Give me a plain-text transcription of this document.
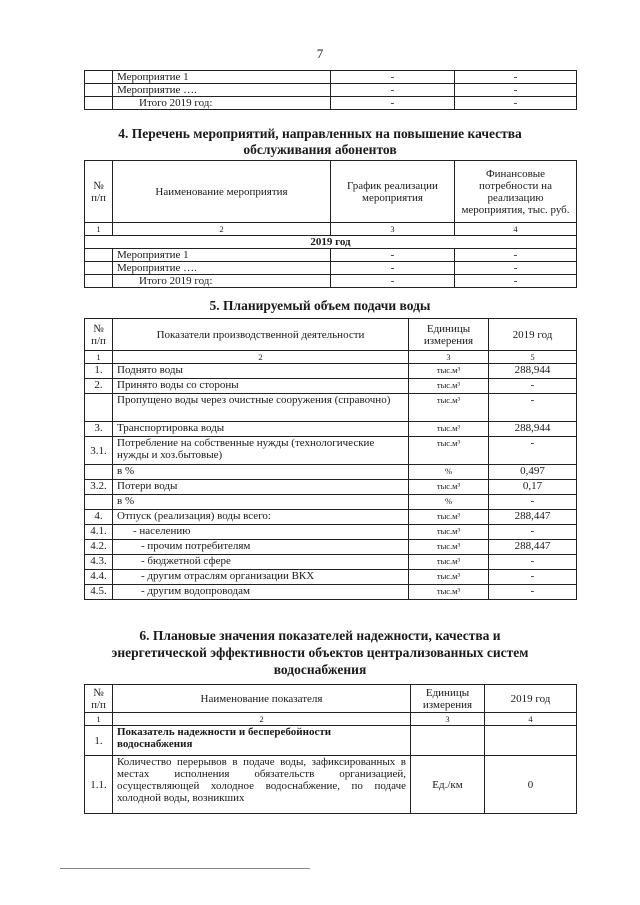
7
	Мероприятие 1	-	-
	Мероприятие ….	-	-
	Итого 2019 год:	-	-
4. Перечень мероприятий, направленных на повышение качества
обслуживания абонентов
№ п/п	Наименование мероприятия	График реализации мероприятия	Финансовые потребности на реализацию мероприятия, тыс. руб.
1	2	3	4
2019 год			
	Мероприятие 1	-	-
	Мероприятие ….	-	-
	Итого 2019 год:	-	-
5. Планируемый объем подачи воды
№ п/п	Показатели производственной деятельности	Единицы измерения	2019 год
1	2	3	5
1.	Поднято воды	тыс.м³	288,944
2.	Принято воды со стороны	тыс.м³	-
	Пропущено воды через очистные сооружения (справочно)	тыс.м³	-
3.	Транспортировка воды	тыс.м³	288,944
3.1.	Потребление на собственные нужды (технологические нужды и хоз.бытовые)	тыс.м³	-
	в %	%	0,497
3.2.	Потери воды	тыс.м³	0,17
	в %	%	-
4.	Отпуск (реализация) воды всего:	тыс.м³	288,447
4.1.	- населению	тыс.м³	-
4.2.	- прочим потребителям	тыс.м³	288,447
4.3.	- бюджетной сфере	тыс.м³	-
4.4.	- другим отраслям организации ВКХ	тыс.м³	-
4.5.	- другим водопроводам	тыс.м³	-
6. Плановые значения показателей надежности, качества и
энергетической эффективности объектов централизованных систем
водоснабжения
№ п/п	Наименование показателя	Единицы измерения	2019 год
1	2	3	4
1.	Показатель надежности и бесперебойности водоснабжения		
1.1.	Количество перерывов в подаче воды, зафиксированных в местах исполнения обязательств организацией, осуществляющей холодное водоснабжение, по подаче холодной воды, возникших	Ед./км	0
